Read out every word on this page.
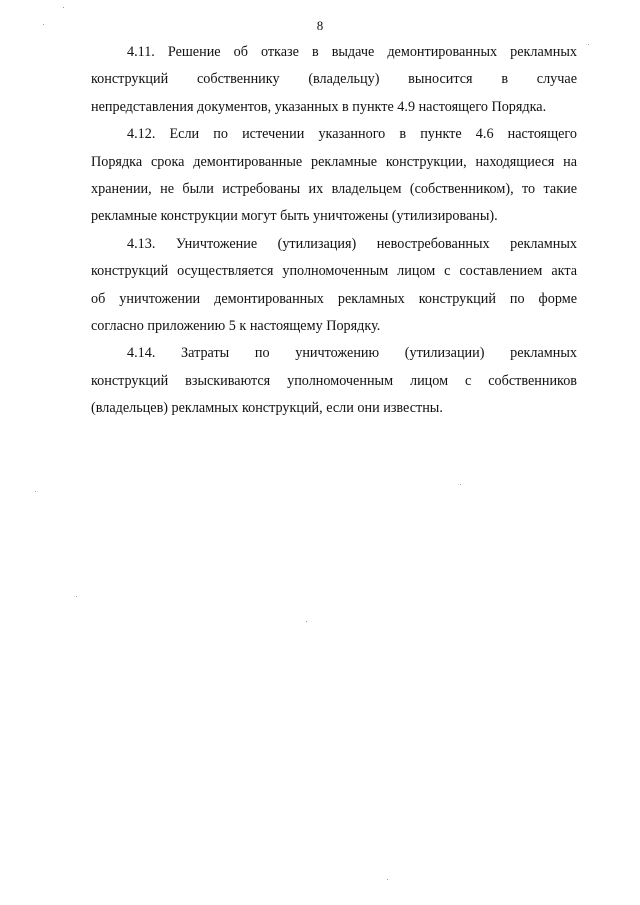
8

4.11. Решение об отказе в выдаче демонтированных рекламных
конструкций собственнику (владельцу) выносится в случае
непредставления документов, указанных в пункте 4.9 настоящего Порядка.

4.12. Если по истечении указанного в пункте 4.6 настоящего
Порядка срока демонтированные рекламные конструкции, находящиеся на
хранении, не были истребованы их владельцем (собственником), то такие
рекламные конструкции могут быть уничтожены (утилизированы).

4.13. Уничтожение (утилизация) невостребованных рекламных
конструкций осуществляется уполномоченным лицом с составлением акта
об уничтожении демонтированных рекламных конструкций по форме
согласно приложению 5 к настоящему Порядку.

4.14. Затраты по уничтожению (утилизации) рекламных
конструкций взыскиваются уполномоченным лицом с собственников
(владельцев) рекламных конструкций, если они известны.
